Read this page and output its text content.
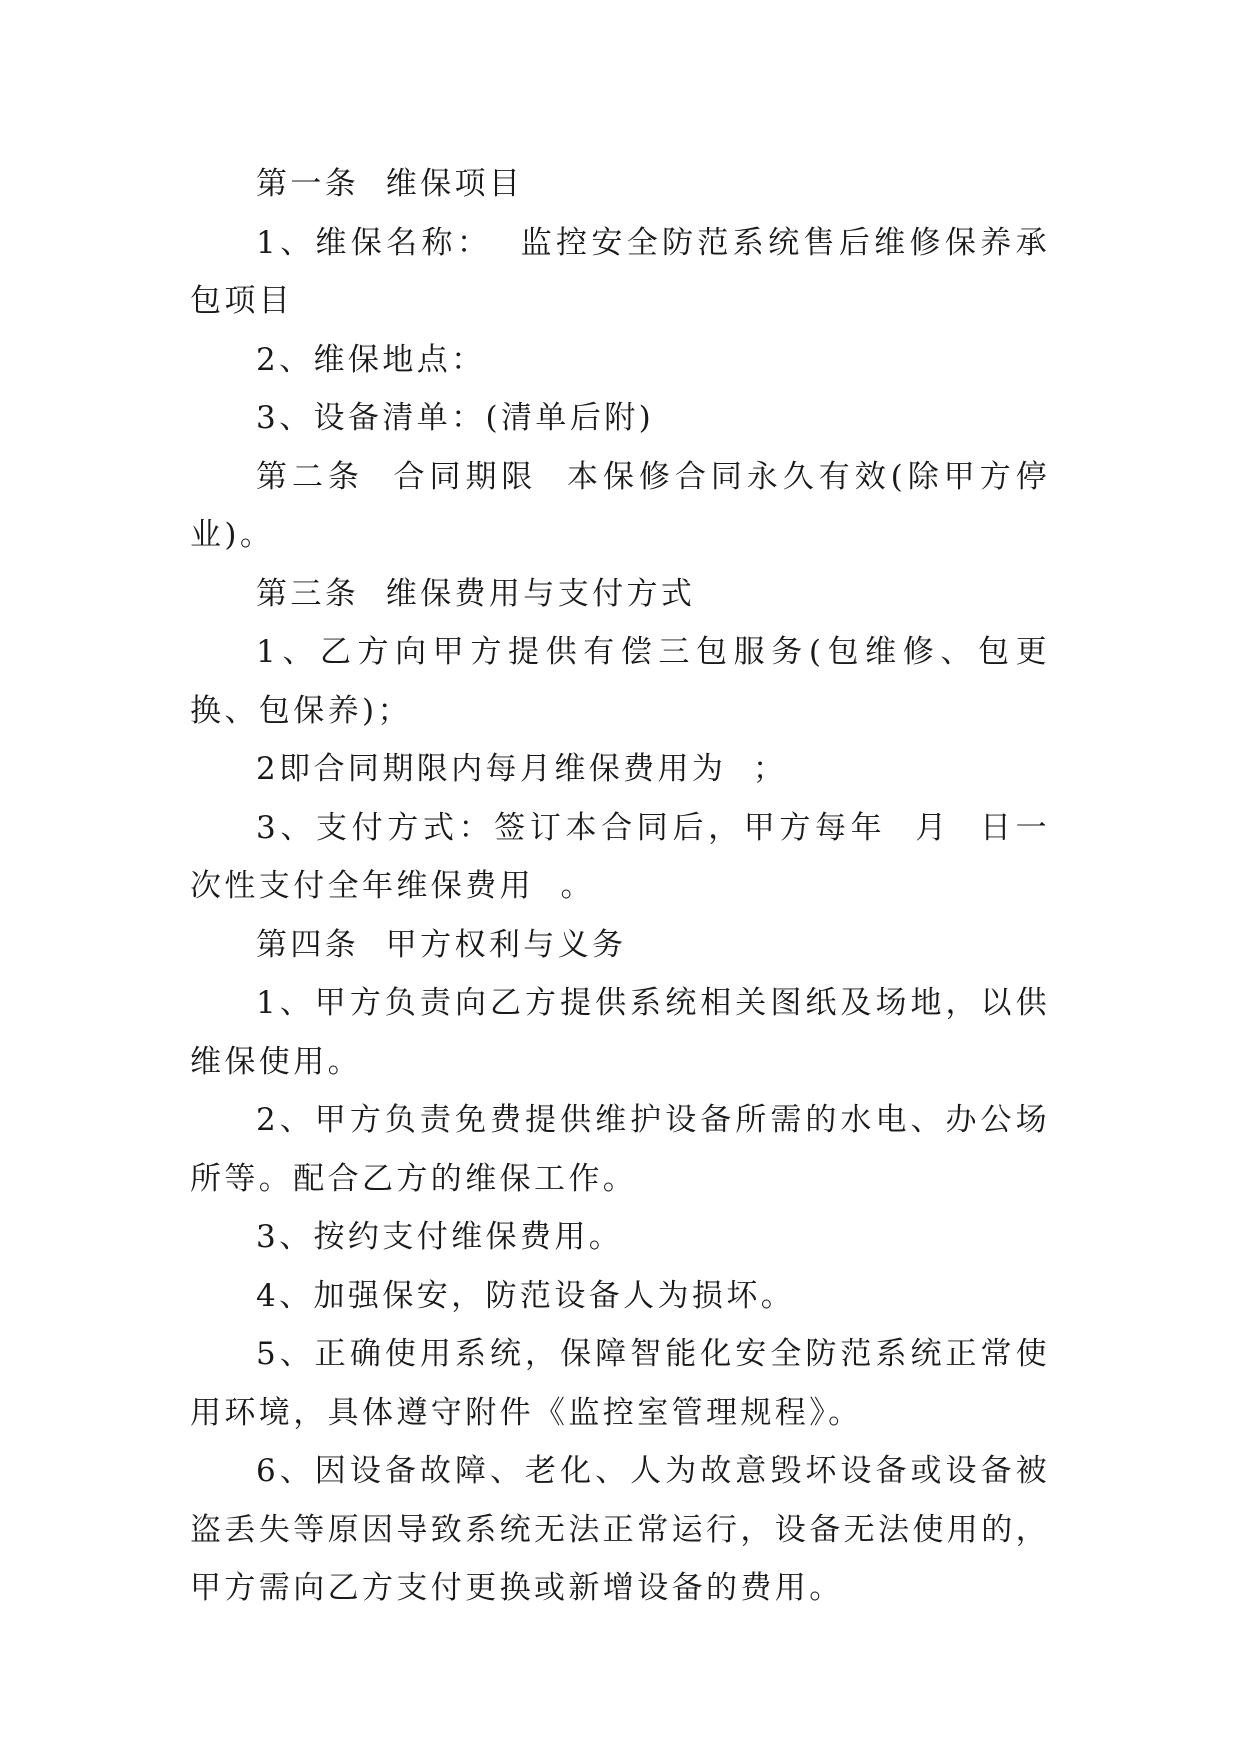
第一条  维保项目

1、维保名称：  监控安全防范系统售后维修保养承包项目

2、维保地点：

3、设备清单：(清单后附)

第二条  合同期限  本保修合同永久有效(除甲方停业)。

第三条  维保费用与支付方式

1、乙方向甲方提供有偿三包服务(包维修、包更换、包保养)；

2即合同期限内每月维保费用为  ；

3、支付方式：签订本合同后，甲方每年  月  日一次性支付全年维保费用  。

第四条  甲方权利与义务

1、甲方负责向乙方提供系统相关图纸及场地，以供维保使用。

2、甲方负责免费提供维护设备所需的水电、办公场所等。配合乙方的维保工作。

3、按约支付维保费用。

4、加强保安，防范设备人为损坏。

5、正确使用系统，保障智能化安全防范系统正常使用环境，具体遵守附件《监控室管理规程》。

6、因设备故障、老化、人为故意毁坏设备或设备被盗丢失等原因导致系统无法正常运行，设备无法使用的，甲方需向乙方支付更换或新增设备的费用。
